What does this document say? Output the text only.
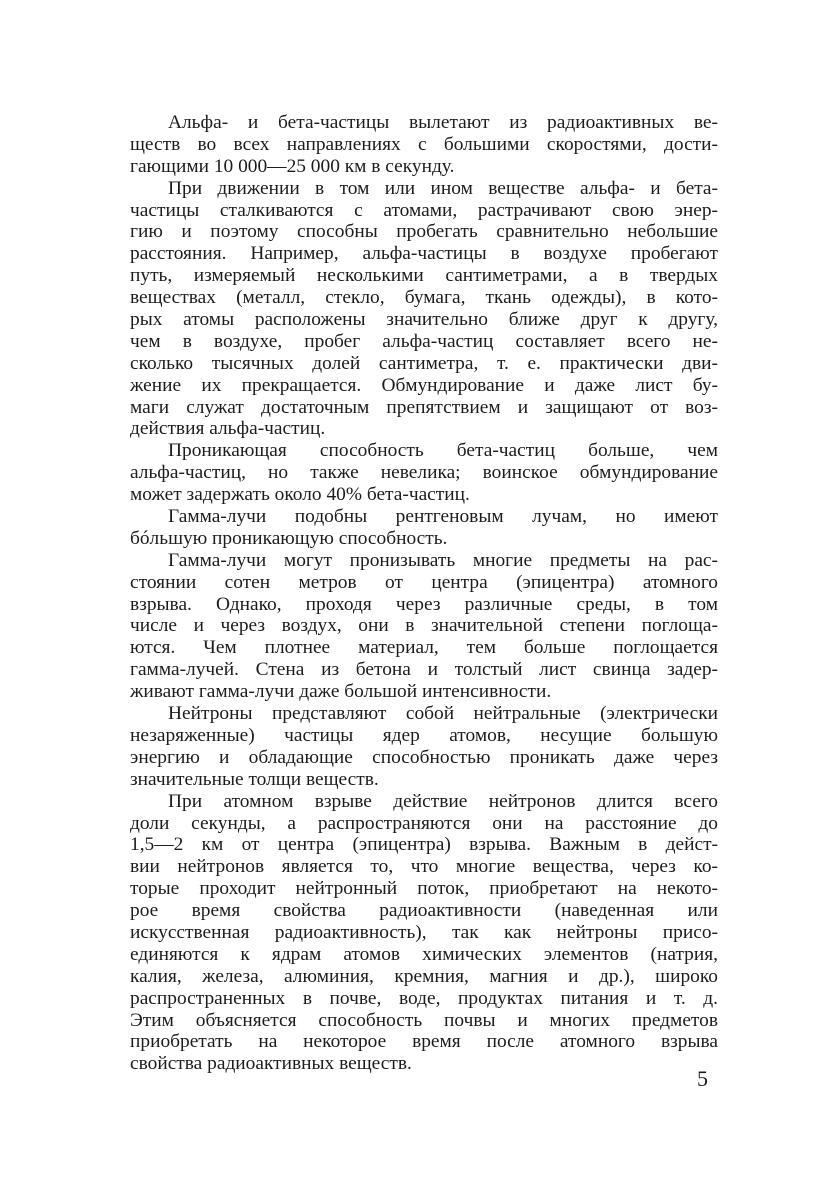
Альфа- и бета-частицы вылетают из радиоактивных ве-
ществ во всех направлениях с большими скоростями, дости-
гающими 10 000—25 000 км в секунду.

При движении в том или ином веществе альфа- и бета-
частицы сталкиваются с атомами, растрачивают свою энер-
гию и поэтому способны пробегать сравнительно небольшие
расстояния. Например, альфа-частицы в воздухе пробегают
путь, измеряемый несколькими сантиметрами, а в твердых
веществах (металл, стекло, бумага, ткань одежды), в кото-
рых атомы расположены значительно ближе друг к другу,
чем в воздухе, пробег альфа-частиц составляет всего не-
сколько тысячных долей сантиметра, т. е. практически дви-
жение их прекращается. Обмундирование и даже лист бу-
маги служат достаточным препятствием и защищают от воз-
действия альфа-частиц.

Проникающая способность бета-частиц больше, чем
альфа-частиц, но также невелика; воинское обмундирование
может задержать около 40% бета-частиц.

Гамма-лучи подобны рентгеновым лучам, но имеют
бóльшую проникающую способность.

Гамма-лучи могут пронизывать многие предметы на рас-
стоянии сотен метров от центра (эпицентра) атомного
взрыва. Однако, проходя через различные среды, в том
числе и через воздух, они в значительной степени поглоща-
ются. Чем плотнее материал, тем больше поглощается
гамма-лучей. Стена из бетона и толстый лист свинца задер-
живают гамма-лучи даже большой интенсивности.

Нейтроны представляют собой нейтральные (электрически
незаряженные) частицы ядер атомов, несущие большую
энергию и обладающие способностью проникать даже через
значительные толщи веществ.

При атомном взрыве действие нейтронов длится всего
доли секунды, а распространяются они на расстояние до
1,5—2 км от центра (эпицентра) взрыва. Важным в дейст-
вии нейтронов является то, что многие вещества, через ко-
торые проходит нейтронный поток, приобретают на некото-
рое время свойства радиоактивности (наведенная или
искусственная радиоактивность), так как нейтроны присо-
единяются к ядрам атомов химических элементов (натрия,
калия, железа, алюминия, кремния, магния и др.), широко
распространенных в почве, воде, продуктах питания и т. д.
Этим объясняется способность почвы и многих предметов
приобретать на некоторое время после атомного взрыва
свойства радиоактивных веществ.

5
